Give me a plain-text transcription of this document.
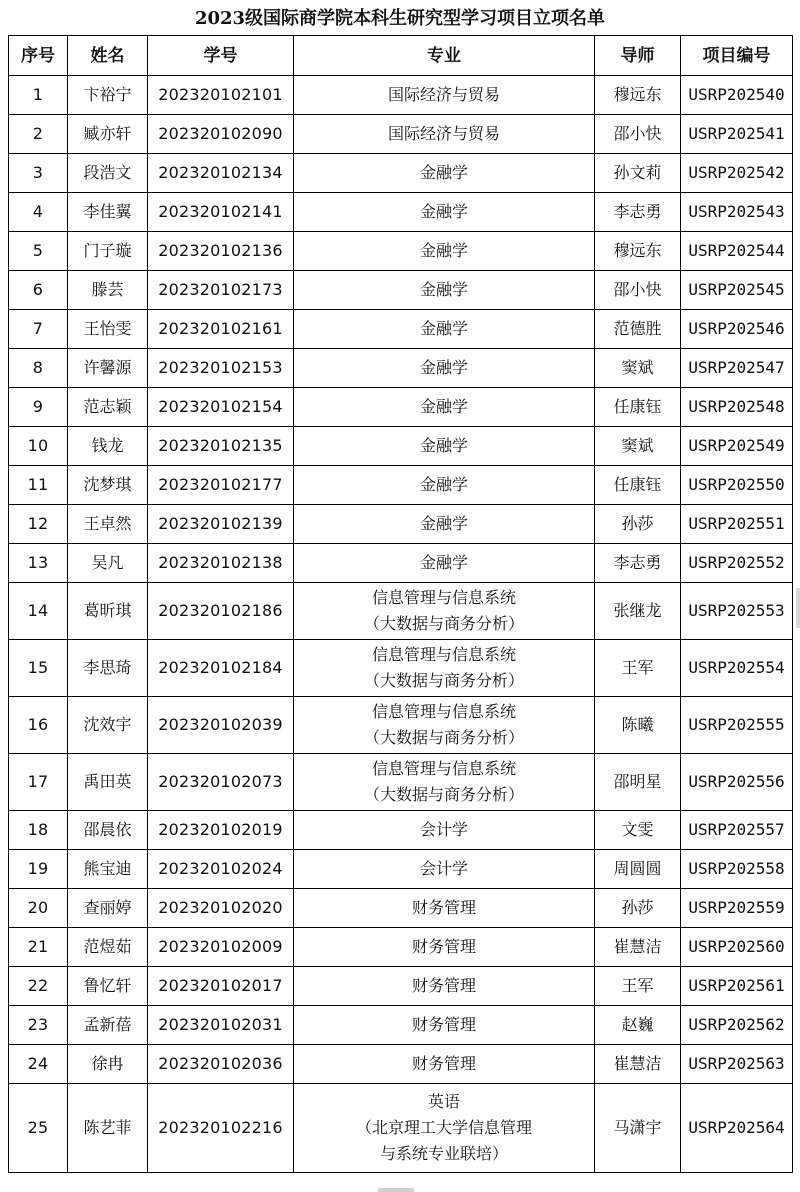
2023级国际商学院本科生研究型学习项目立项名单
序号	姓名	学号	专业	导师	项目编号
1	卞裕宁	202320102101	国际经济与贸易	穆远东	USRP202540
2	臧亦轩	202320102090	国际经济与贸易	邵小快	USRP202541
3	段浩文	202320102134	金融学	孙文莉	USRP202542
4	李佳翼	202320102141	金融学	李志勇	USRP202543
5	门子璇	202320102136	金融学	穆远东	USRP202544
6	滕芸	202320102173	金融学	邵小快	USRP202545
7	王怡雯	202320102161	金融学	范德胜	USRP202546
8	许馨源	202320102153	金融学	窦斌	USRP202547
9	范志颖	202320102154	金融学	任康钰	USRP202548
10	钱龙	202320102135	金融学	窦斌	USRP202549
11	沈梦琪	202320102177	金融学	任康钰	USRP202550
12	王卓然	202320102139	金融学	孙莎	USRP202551
13	吴凡	202320102138	金融学	李志勇	USRP202552
14	葛昕琪	202320102186	信息管理与信息系统
（大数据与商务分析）	张继龙	USRP202553
15	李思琦	202320102184	信息管理与信息系统
（大数据与商务分析）	王军	USRP202554
16	沈效宇	202320102039	信息管理与信息系统
（大数据与商务分析）	陈曦	USRP202555
17	禹田英	202320102073	信息管理与信息系统
（大数据与商务分析）	邵明星	USRP202556
18	邵晨依	202320102019	会计学	文雯	USRP202557
19	熊宝迪	202320102024	会计学	周圆圆	USRP202558
20	查丽婷	202320102020	财务管理	孙莎	USRP202559
21	范煜茹	202320102009	财务管理	崔慧洁	USRP202560
22	鲁忆轩	202320102017	财务管理	王军	USRP202561
23	孟新蓓	202320102031	财务管理	赵巍	USRP202562
24	徐冉	202320102036	财务管理	崔慧洁	USRP202563
25	陈艺菲	202320102216	英语
（北京理工大学信息管理
与系统专业联培）	马潇宇	USRP202564
